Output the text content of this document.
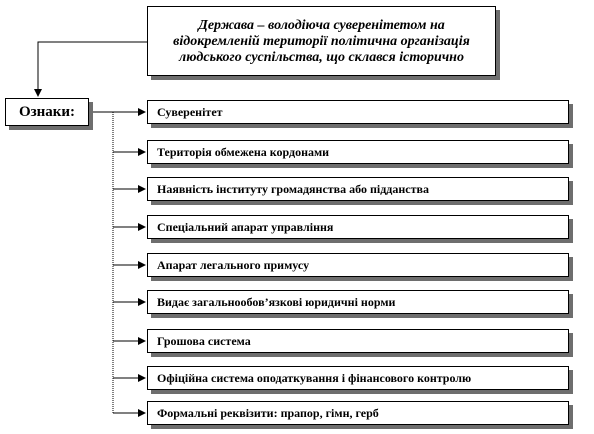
Держава – володіюча суверенітетом на відокремленій території політична організація людського суспільства, що склався історично
Ознаки:	Суверенітет
Територія обмежена кордонами
Наявність інституту громадянства або підданства
Спеціальний апарат управління
Апарат легального примусу
Видає загальнообов’язкові юридичні норми
Грошова система
Офіційна система оподаткування і фінансового контролю
Формальні реквізити: прапор, гімн, герб
